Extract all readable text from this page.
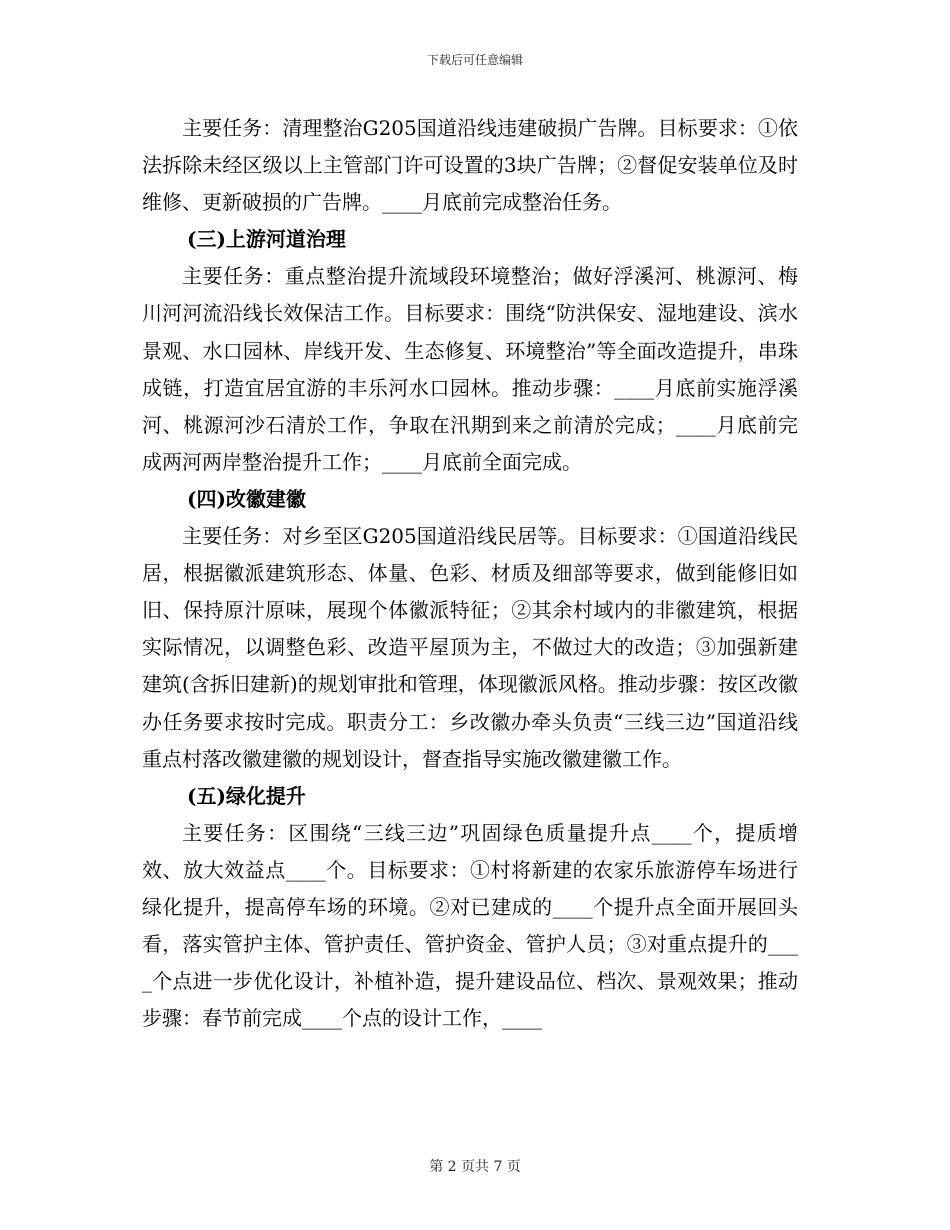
下载后可任意编辑

主要任务：清理整治G205国道沿线违建破损广告牌。目标要求：①依法拆除未经区级以上主管部门许可设置的3块广告牌；②督促安装单位及时维修、更新破损的广告牌。____月底前完成整治任务。

(三)上游河道治理

主要任务：重点整治提升流域段环境整治；做好浮溪河、桃源河、梅川河河流沿线长效保洁工作。目标要求：围绕“防洪保安、湿地建设、滨水景观、水口园林、岸线开发、生态修复、环境整治”等全面改造提升，串珠成链，打造宜居宜游的丰乐河水口园林。推动步骤：____月底前实施浮溪河、桃源河沙石清於工作，争取在汛期到来之前清於完成；____月底前完成两河两岸整治提升工作；____月底前全面完成。

(四)改徽建徽

主要任务：对乡至区G205国道沿线民居等。目标要求：①国道沿线民居，根据徽派建筑形态、体量、色彩、材质及细部等要求，做到能修旧如旧、保持原汁原味，展现个体徽派特征；②其余村域内的非徽建筑，根据实际情况，以调整色彩、改造平屋顶为主，不做过大的改造；③加强新建建筑(含拆旧建新)的规划审批和管理，体现徽派风格。推动步骤：按区改徽办任务要求按时完成。职责分工：乡改徽办牵头负责“三线三边”国道沿线重点村落改徽建徽的规划设计，督查指导实施改徽建徽工作。

(五)绿化提升

主要任务：区围绕“三线三边”巩固绿色质量提升点____个，提质增效、放大效益点____个。目标要求：①村将新建的农家乐旅游停车场进行绿化提升，提高停车场的环境。②对已建成的____个提升点全面开展回头看，落实管护主体、管护责任、管护资金、管护人员；③对重点提升的____个点进一步优化设计，补植补造，提升建设品位、档次、景观效果；推动步骤：春节前完成____个点的设计工作，____

第 2 页共 7 页
